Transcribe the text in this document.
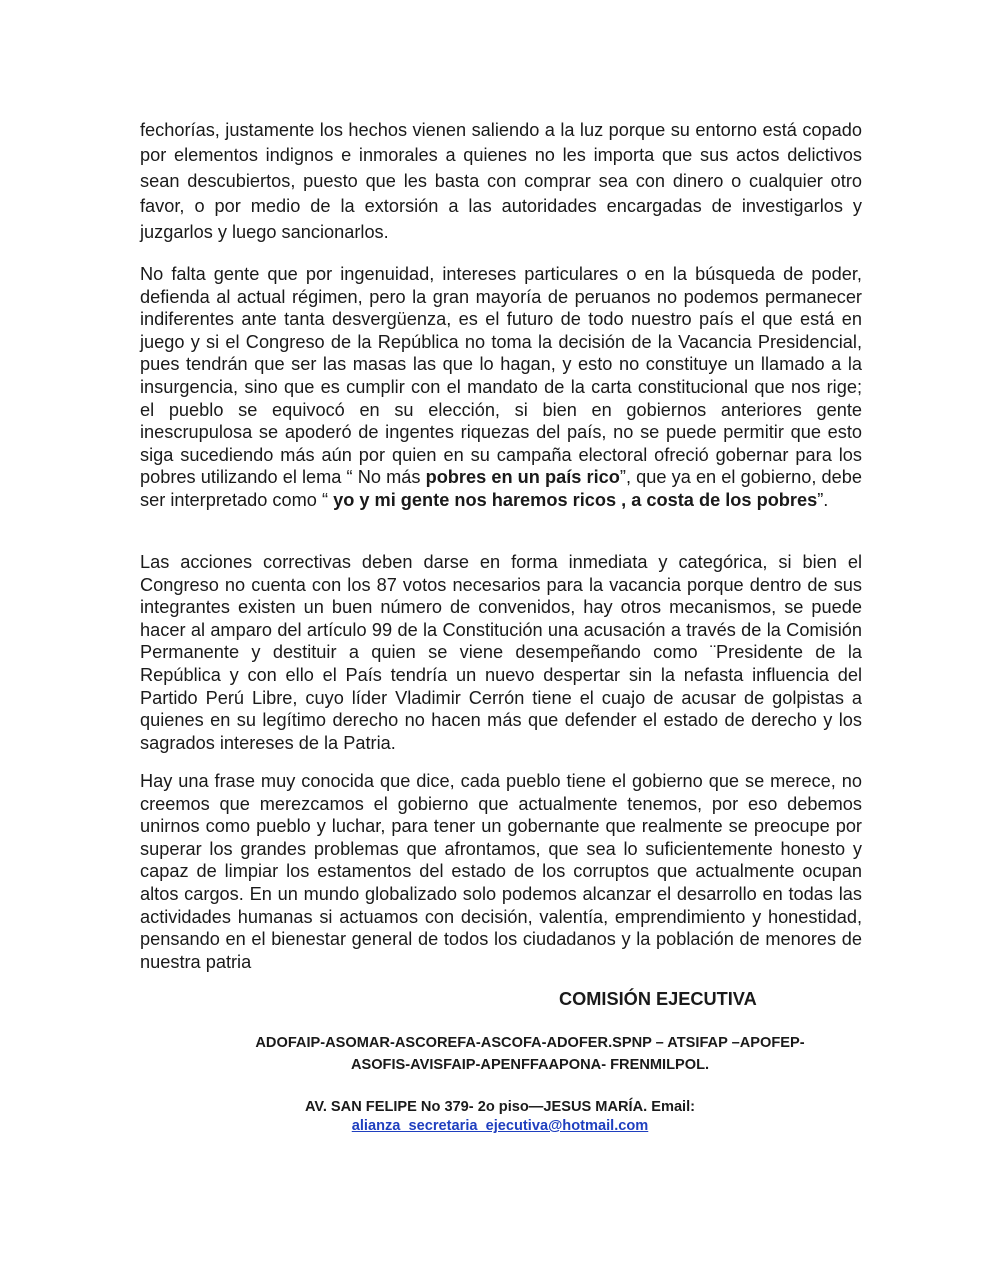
fechorías, justamente los hechos vienen saliendo a la luz porque su entorno está copado por elementos indignos e inmorales a quienes no les importa que sus actos delictivos sean descubiertos, puesto que les basta con comprar sea con dinero o cualquier otro favor, o por medio de la extorsión a las autoridades encargadas de investigarlos y juzgarlos y luego sancionarlos.

No falta gente que por ingenuidad, intereses particulares o en la búsqueda de poder, defienda al actual régimen, pero la gran mayoría de peruanos no podemos permanecer indiferentes ante tanta desvergüenza, es el futuro de todo nuestro país el que está en juego y si el Congreso de la República no toma la decisión de la Vacancia Presidencial, pues tendrán que ser las masas las que lo hagan, y esto no constituye un llamado a la insurgencia, sino que es cumplir con el mandato de la carta constitucional que nos rige; el pueblo se equivocó en su elección, si bien en gobiernos anteriores gente inescrupulosa se apoderó de ingentes riquezas del país, no se puede permitir que esto siga sucediendo más aún por quien en su campaña electoral ofreció gobernar para los pobres utilizando el lema “ No más pobres en un país rico”, que ya en el gobierno, debe ser interpretado como “ yo y mi gente nos haremos ricos , a costa de los pobres”.

Las acciones correctivas deben darse en forma inmediata y categórica, si bien el Congreso no cuenta con los 87 votos necesarios para la vacancia porque dentro de sus integrantes existen un buen número de convenidos, hay otros mecanismos, se puede hacer al amparo del artículo 99 de la Constitución una acusación a través de la Comisión Permanente y destituir a quien se viene desempeñando como ¨Presidente de la República y con ello el País tendría un nuevo despertar sin la nefasta influencia del Partido Perú Libre, cuyo líder Vladimir Cerrón tiene el cuajo de acusar de golpistas a quienes en su legítimo derecho no hacen más que defender el estado de derecho y los sagrados intereses de la Patria.

Hay una frase muy conocida que dice, cada pueblo tiene el gobierno que se merece, no creemos que merezcamos el gobierno que actualmente tenemos, por eso debemos unirnos como pueblo y luchar, para tener un gobernante que realmente se preocupe por superar los grandes problemas que afrontamos, que sea lo suficientemente honesto y capaz de limpiar los estamentos del estado de los corruptos que actualmente ocupan altos cargos. En un mundo globalizado solo podemos alcanzar el desarrollo en todas las actividades humanas si actuamos con decisión, valentía, emprendimiento y honestidad, pensando en el bienestar general de todos los ciudadanos y la población de menores de nuestra patria

COMISIÓN EJECUTIVA

ADOFAIP-ASOMAR-ASCOREFA-ASCOFA-ADOFER.SPNP – ATSIFAP –APOFEP-
ASOFIS-AVISFAIP-APENFFAAPONA- FRENMILPOL.

AV. SAN FELIPE No 379- 2o piso—JESUS MARÍA. Email:
alianza_secretaria_ejecutiva@hotmail.com
